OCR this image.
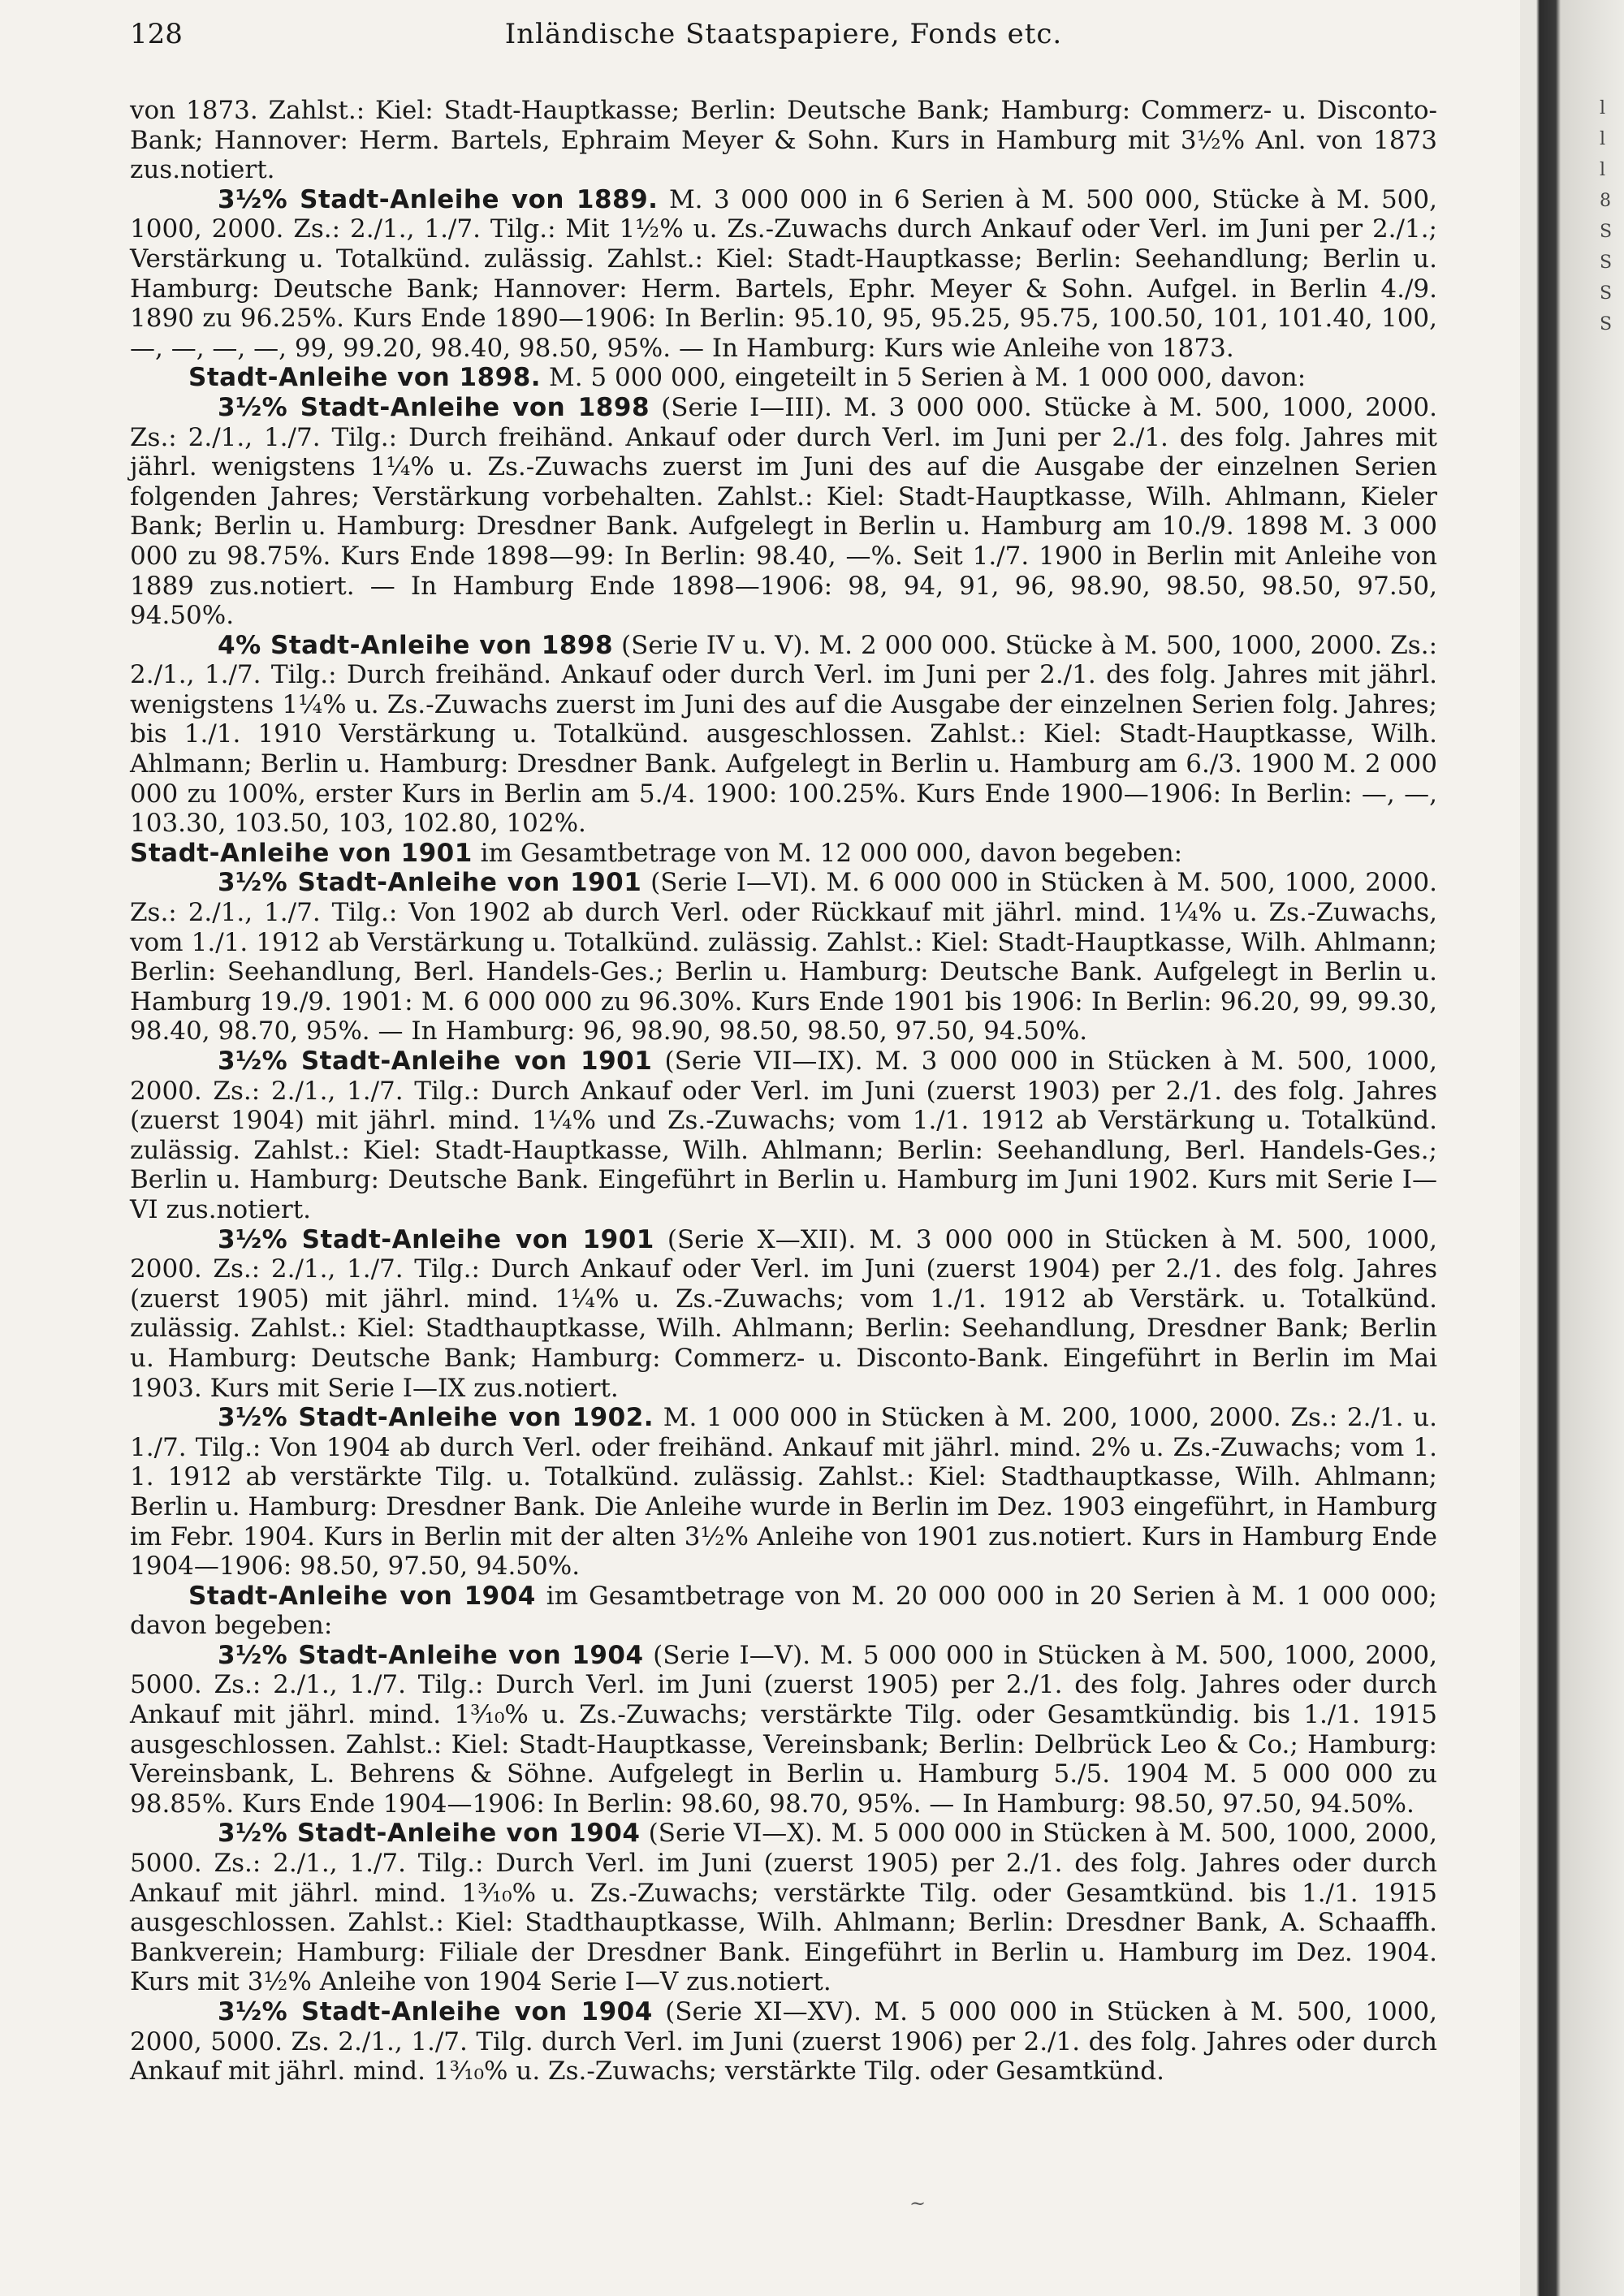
l
l
l
8
S
S
S
S
128	Inländische Staatspapiere, Fonds etc.

von 1873. Zahlst.: Kiel: Stadt-Hauptkasse; Berlin: Deutsche Bank; Hamburg: Commerz- u. Disconto-Bank; Hannover: Herm. Bartels, Ephraim Meyer & Sohn. Kurs in Hamburg mit 3½% Anl. von 1873 zus.notiert.

3½% Stadt-Anleihe von 1889. M. 3 000 000 in 6 Serien à M. 500 000, Stücke à M. 500, 1000, 2000. Zs.: 2./1., 1./7. Tilg.: Mit 1½% u. Zs.-Zuwachs durch Ankauf oder Verl. im Juni per 2./1.; Verstärkung u. Totalkünd. zulässig. Zahlst.: Kiel: Stadt-Hauptkasse; Berlin: Seehandlung; Berlin u. Hamburg: Deutsche Bank; Hannover: Herm. Bartels, Ephr. Meyer & Sohn. Aufgel. in Berlin 4./9. 1890 zu 96.25%. Kurs Ende 1890—1906: In Berlin: 95.10, 95, 95.25, 95.75, 100.50, 101, 101.40, 100, —, —, —, —, 99, 99.20, 98.40, 98.50, 95%. — In Hamburg: Kurs wie Anleihe von 1873.

Stadt-Anleihe von 1898. M. 5 000 000, eingeteilt in 5 Serien à M. 1 000 000, davon:

3½% Stadt-Anleihe von 1898 (Serie I—III). M. 3 000 000. Stücke à M. 500, 1000, 2000. Zs.: 2./1., 1./7. Tilg.: Durch freihänd. Ankauf oder durch Verl. im Juni per 2./1. des folg. Jahres mit jährl. wenigstens 1¼% u. Zs.-Zuwachs zuerst im Juni des auf die Ausgabe der einzelnen Serien folgenden Jahres; Verstärkung vorbehalten. Zahlst.: Kiel: Stadt-Hauptkasse, Wilh. Ahlmann, Kieler Bank; Berlin u. Hamburg: Dresdner Bank. Aufgelegt in Berlin u. Hamburg am 10./9. 1898 M. 3 000 000 zu 98.75%. Kurs Ende 1898—99: In Berlin: 98.40, —%. Seit 1./7. 1900 in Berlin mit Anleihe von 1889 zus.notiert. — In Hamburg Ende 1898—1906: 98, 94, 91, 96, 98.90, 98.50, 98.50, 97.50, 94.50%.

4% Stadt-Anleihe von 1898 (Serie IV u. V). M. 2 000 000. Stücke à M. 500, 1000, 2000. Zs.: 2./1., 1./7. Tilg.: Durch freihänd. Ankauf oder durch Verl. im Juni per 2./1. des folg. Jahres mit jährl. wenigstens 1¼% u. Zs.-Zuwachs zuerst im Juni des auf die Ausgabe der einzelnen Serien folg. Jahres; bis 1./1. 1910 Verstärkung u. Totalkünd. ausgeschlossen. Zahlst.: Kiel: Stadt-Hauptkasse, Wilh. Ahlmann; Berlin u. Hamburg: Dresdner Bank. Aufgelegt in Berlin u. Hamburg am 6./3. 1900 M. 2 000 000 zu 100%, erster Kurs in Berlin am 5./4. 1900: 100.25%. Kurs Ende 1900—1906: In Berlin: —, —, 103.30, 103.50, 103, 102.80, 102%.

Stadt-Anleihe von 1901 im Gesamtbetrage von M. 12 000 000, davon begeben:

3½% Stadt-Anleihe von 1901 (Serie I—VI). M. 6 000 000 in Stücken à M. 500, 1000, 2000. Zs.: 2./1., 1./7. Tilg.: Von 1902 ab durch Verl. oder Rückkauf mit jährl. mind. 1¼% u. Zs.-Zuwachs, vom 1./1. 1912 ab Verstärkung u. Totalkünd. zulässig. Zahlst.: Kiel: Stadt-Hauptkasse, Wilh. Ahlmann; Berlin: Seehandlung, Berl. Handels-Ges.; Berlin u. Hamburg: Deutsche Bank. Aufgelegt in Berlin u. Hamburg 19./9. 1901: M. 6 000 000 zu 96.30%. Kurs Ende 1901 bis 1906: In Berlin: 96.20, 99, 99.30, 98.40, 98.70, 95%. — In Hamburg: 96, 98.90, 98.50, 98.50, 97.50, 94.50%.

3½% Stadt-Anleihe von 1901 (Serie VII—IX). M. 3 000 000 in Stücken à M. 500, 1000, 2000. Zs.: 2./1., 1./7. Tilg.: Durch Ankauf oder Verl. im Juni (zuerst 1903) per 2./1. des folg. Jahres (zuerst 1904) mit jährl. mind. 1¼% und Zs.-Zuwachs; vom 1./1. 1912 ab Verstärkung u. Totalkünd. zulässig. Zahlst.: Kiel: Stadt-Hauptkasse, Wilh. Ahlmann; Berlin: Seehandlung, Berl. Handels-Ges.; Berlin u. Hamburg: Deutsche Bank. Eingeführt in Berlin u. Hamburg im Juni 1902. Kurs mit Serie I—VI zus.notiert.

3½% Stadt-Anleihe von 1901 (Serie X—XII). M. 3 000 000 in Stücken à M. 500, 1000, 2000. Zs.: 2./1., 1./7. Tilg.: Durch Ankauf oder Verl. im Juni (zuerst 1904) per 2./1. des folg. Jahres (zuerst 1905) mit jährl. mind. 1¼% u. Zs.-Zuwachs; vom 1./1. 1912 ab Verstärk. u. Totalkünd. zulässig. Zahlst.: Kiel: Stadthauptkasse, Wilh. Ahlmann; Berlin: Seehandlung, Dresdner Bank; Berlin u. Hamburg: Deutsche Bank; Hamburg: Commerz- u. Disconto-Bank. Eingeführt in Berlin im Mai 1903. Kurs mit Serie I—IX zus.notiert.

3½% Stadt-Anleihe von 1902. M. 1 000 000 in Stücken à M. 200, 1000, 2000. Zs.: 2./1. u. 1./7. Tilg.: Von 1904 ab durch Verl. oder freihänd. Ankauf mit jährl. mind. 2% u. Zs.-Zuwachs; vom 1. 1. 1912 ab verstärkte Tilg. u. Totalkünd. zulässig. Zahlst.: Kiel: Stadthauptkasse, Wilh. Ahlmann; Berlin u. Hamburg: Dresdner Bank. Die Anleihe wurde in Berlin im Dez. 1903 eingeführt, in Hamburg im Febr. 1904. Kurs in Berlin mit der alten 3½% Anleihe von 1901 zus.notiert. Kurs in Hamburg Ende 1904—1906: 98.50, 97.50, 94.50%.

Stadt-Anleihe von 1904 im Gesamtbetrage von M. 20 000 000 in 20 Serien à M. 1 000 000; davon begeben:

3½% Stadt-Anleihe von 1904 (Serie I—V). M. 5 000 000 in Stücken à M. 500, 1000, 2000, 5000. Zs.: 2./1., 1./7. Tilg.: Durch Verl. im Juni (zuerst 1905) per 2./1. des folg. Jahres oder durch Ankauf mit jährl. mind. 1³⁄₁₀% u. Zs.-Zuwachs; verstärkte Tilg. oder Gesamtkündig. bis 1./1. 1915 ausgeschlossen. Zahlst.: Kiel: Stadt-Hauptkasse, Vereinsbank; Berlin: Delbrück Leo & Co.; Hamburg: Vereinsbank, L. Behrens & Söhne. Aufgelegt in Berlin u. Hamburg 5./5. 1904 M. 5 000 000 zu 98.85%. Kurs Ende 1904—1906: In Berlin: 98.60, 98.70, 95%. — In Hamburg: 98.50, 97.50, 94.50%.

3½% Stadt-Anleihe von 1904 (Serie VI—X). M. 5 000 000 in Stücken à M. 500, 1000, 2000, 5000. Zs.: 2./1., 1./7. Tilg.: Durch Verl. im Juni (zuerst 1905) per 2./1. des folg. Jahres oder durch Ankauf mit jährl. mind. 1³⁄₁₀% u. Zs.-Zuwachs; verstärkte Tilg. oder Gesamtkünd. bis 1./1. 1915 ausgeschlossen. Zahlst.: Kiel: Stadthauptkasse, Wilh. Ahlmann; Berlin: Dresdner Bank, A. Schaaffh. Bankverein; Hamburg: Filiale der Dresdner Bank. Eingeführt in Berlin u. Hamburg im Dez. 1904. Kurs mit 3½% Anleihe von 1904 Serie I—V zus.notiert.

3½% Stadt-Anleihe von 1904 (Serie XI—XV). M. 5 000 000 in Stücken à M. 500, 1000, 2000, 5000. Zs. 2./1., 1./7. Tilg. durch Verl. im Juni (zuerst 1906) per 2./1. des folg. Jahres oder durch Ankauf mit jährl. mind. 1³⁄₁₀% u. Zs.-Zuwachs; verstärkte Tilg. oder Gesamtkünd.

~
